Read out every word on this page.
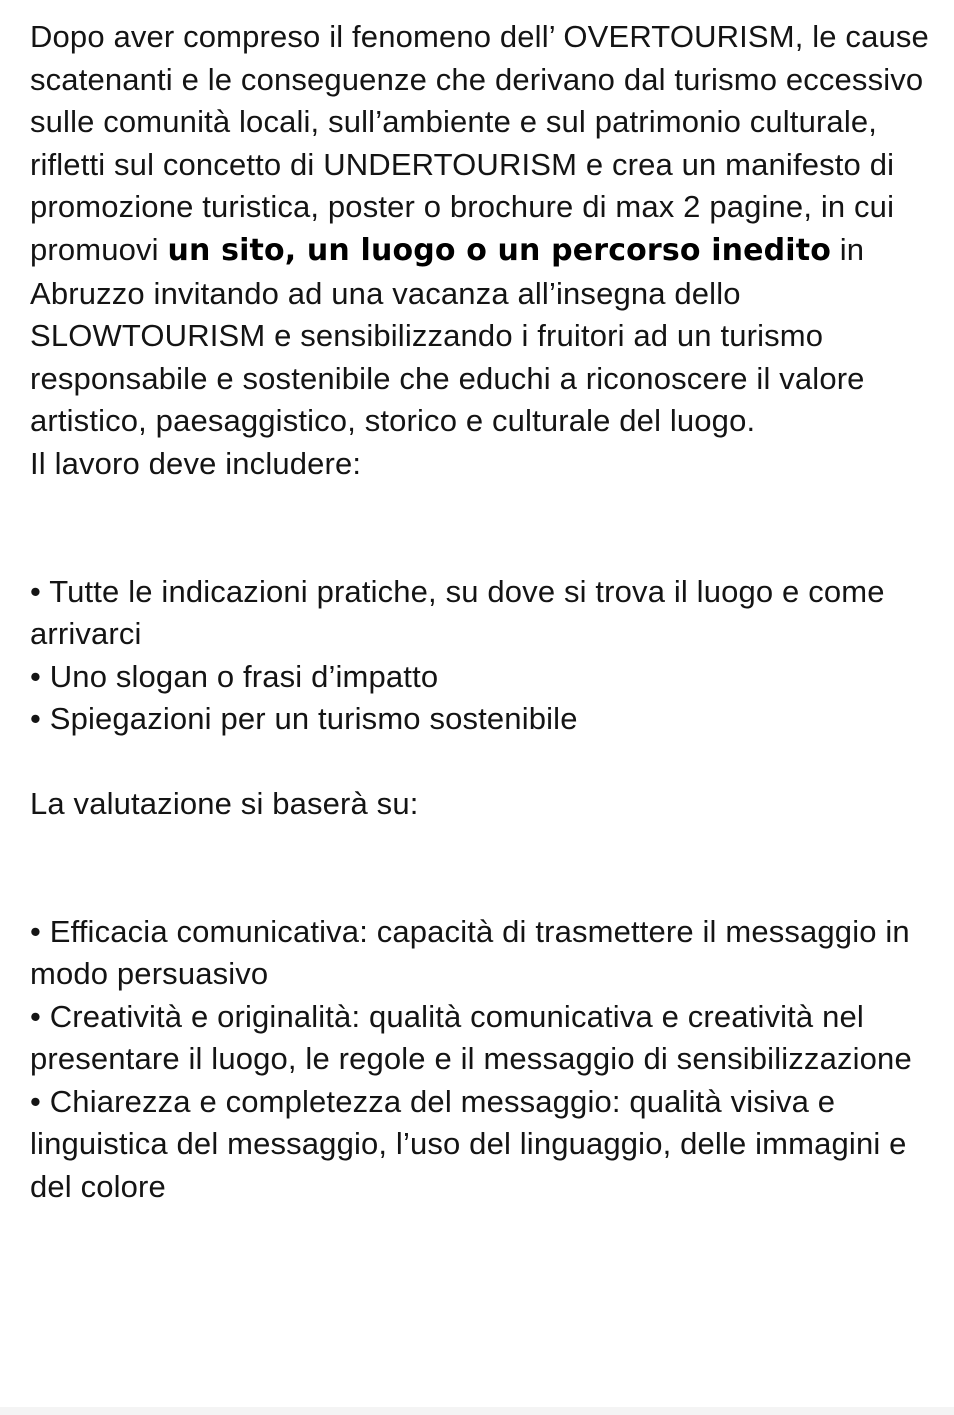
Dopo aver compreso il fenomeno dell’ OVERTOURISM, le cause scatenanti e le conseguenze che derivano dal turismo eccessivo sulle comunità locali, sull’ambiente e sul patrimonio culturale, rifletti sul concetto di UNDERTOURISM e crea un manifesto di promozione turistica, poster o brochure di max 2 pagine, in cui promuovi un sito, un luogo o un percorso inedito in Abruzzo invitando ad una vacanza all’insegna dello SLOWTOURISM e sensibilizzando i fruitori ad un turismo responsabile e sostenibile che educhi a riconoscere il valore artistico, paesaggistico, storico e culturale del luogo.

Il lavoro deve includere:

• Tutte le indicazioni pratiche, su dove si trova il luogo e come arrivarci
• Uno slogan o frasi d’impatto
• Spiegazioni per un turismo sostenibile

La valutazione si baserà su:

• Efficacia comunicativa: capacità di trasmettere il messaggio in modo persuasivo
• Creatività e originalità: qualità comunicativa e creatività nel presentare il luogo, le regole e il messaggio di sensibilizzazione
• Chiarezza e completezza del messaggio: qualità visiva e linguistica del messaggio, l’uso del linguaggio, delle immagini e del colore
